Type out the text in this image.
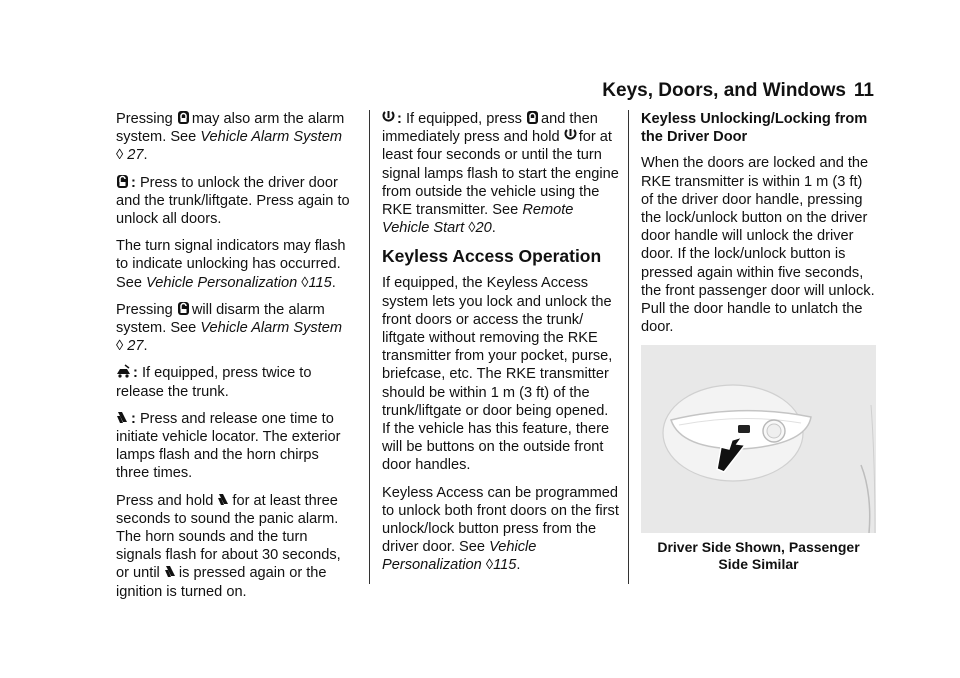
Keys, Doors, and Windows 11

Pressing may also arm the alarm system. See Vehicle Alarm System
◊ 27.

: Press to unlock the driver door and the trunk/liftgate. Press again to unlock all doors.

The turn signal indicators may flash to indicate unlocking has occurred. See Vehicle Personalization ◊115.

Pressing will disarm the alarm system. See Vehicle Alarm System
◊ 27.

: If equipped, press twice to release the trunk.

: Press and release one time to initiate vehicle locator. The exterior lamps flash and the horn chirps three times.

Press and hold for at least three seconds to sound the panic alarm. The horn sounds and the turn signals flash for about 30 seconds, or until is pressed again or the ignition is turned on.

: If equipped, press and then immediately press and hold for at least four seconds or until the turn signal lamps flash to start the engine from outside the vehicle using the RKE transmitter. See Remote Vehicle Start ◊20.

Keyless Access Operation

If equipped, the Keyless Access system lets you lock and unlock the front doors or access the trunk/ liftgate without removing the RKE transmitter from your pocket, purse, briefcase, etc. The RKE transmitter should be within 1 m (3 ft) of the trunk/liftgate or door being opened. If the vehicle has this feature, there will be buttons on the outside front door handles.

Keyless Access can be programmed to unlock both front doors on the first unlock/lock button press from the driver door. See Vehicle Personalization ◊115.

Keyless Unlocking/Locking from the Driver Door

When the doors are locked and the RKE transmitter is within 1 m (3 ft) of the driver door handle, pressing the lock/unlock button on the driver door handle will unlock the driver door. If the lock/unlock button is pressed again within five seconds, the front passenger door will unlock. Pull the door handle to unlatch the door.

Driver Side Shown, Passenger Side Similar
